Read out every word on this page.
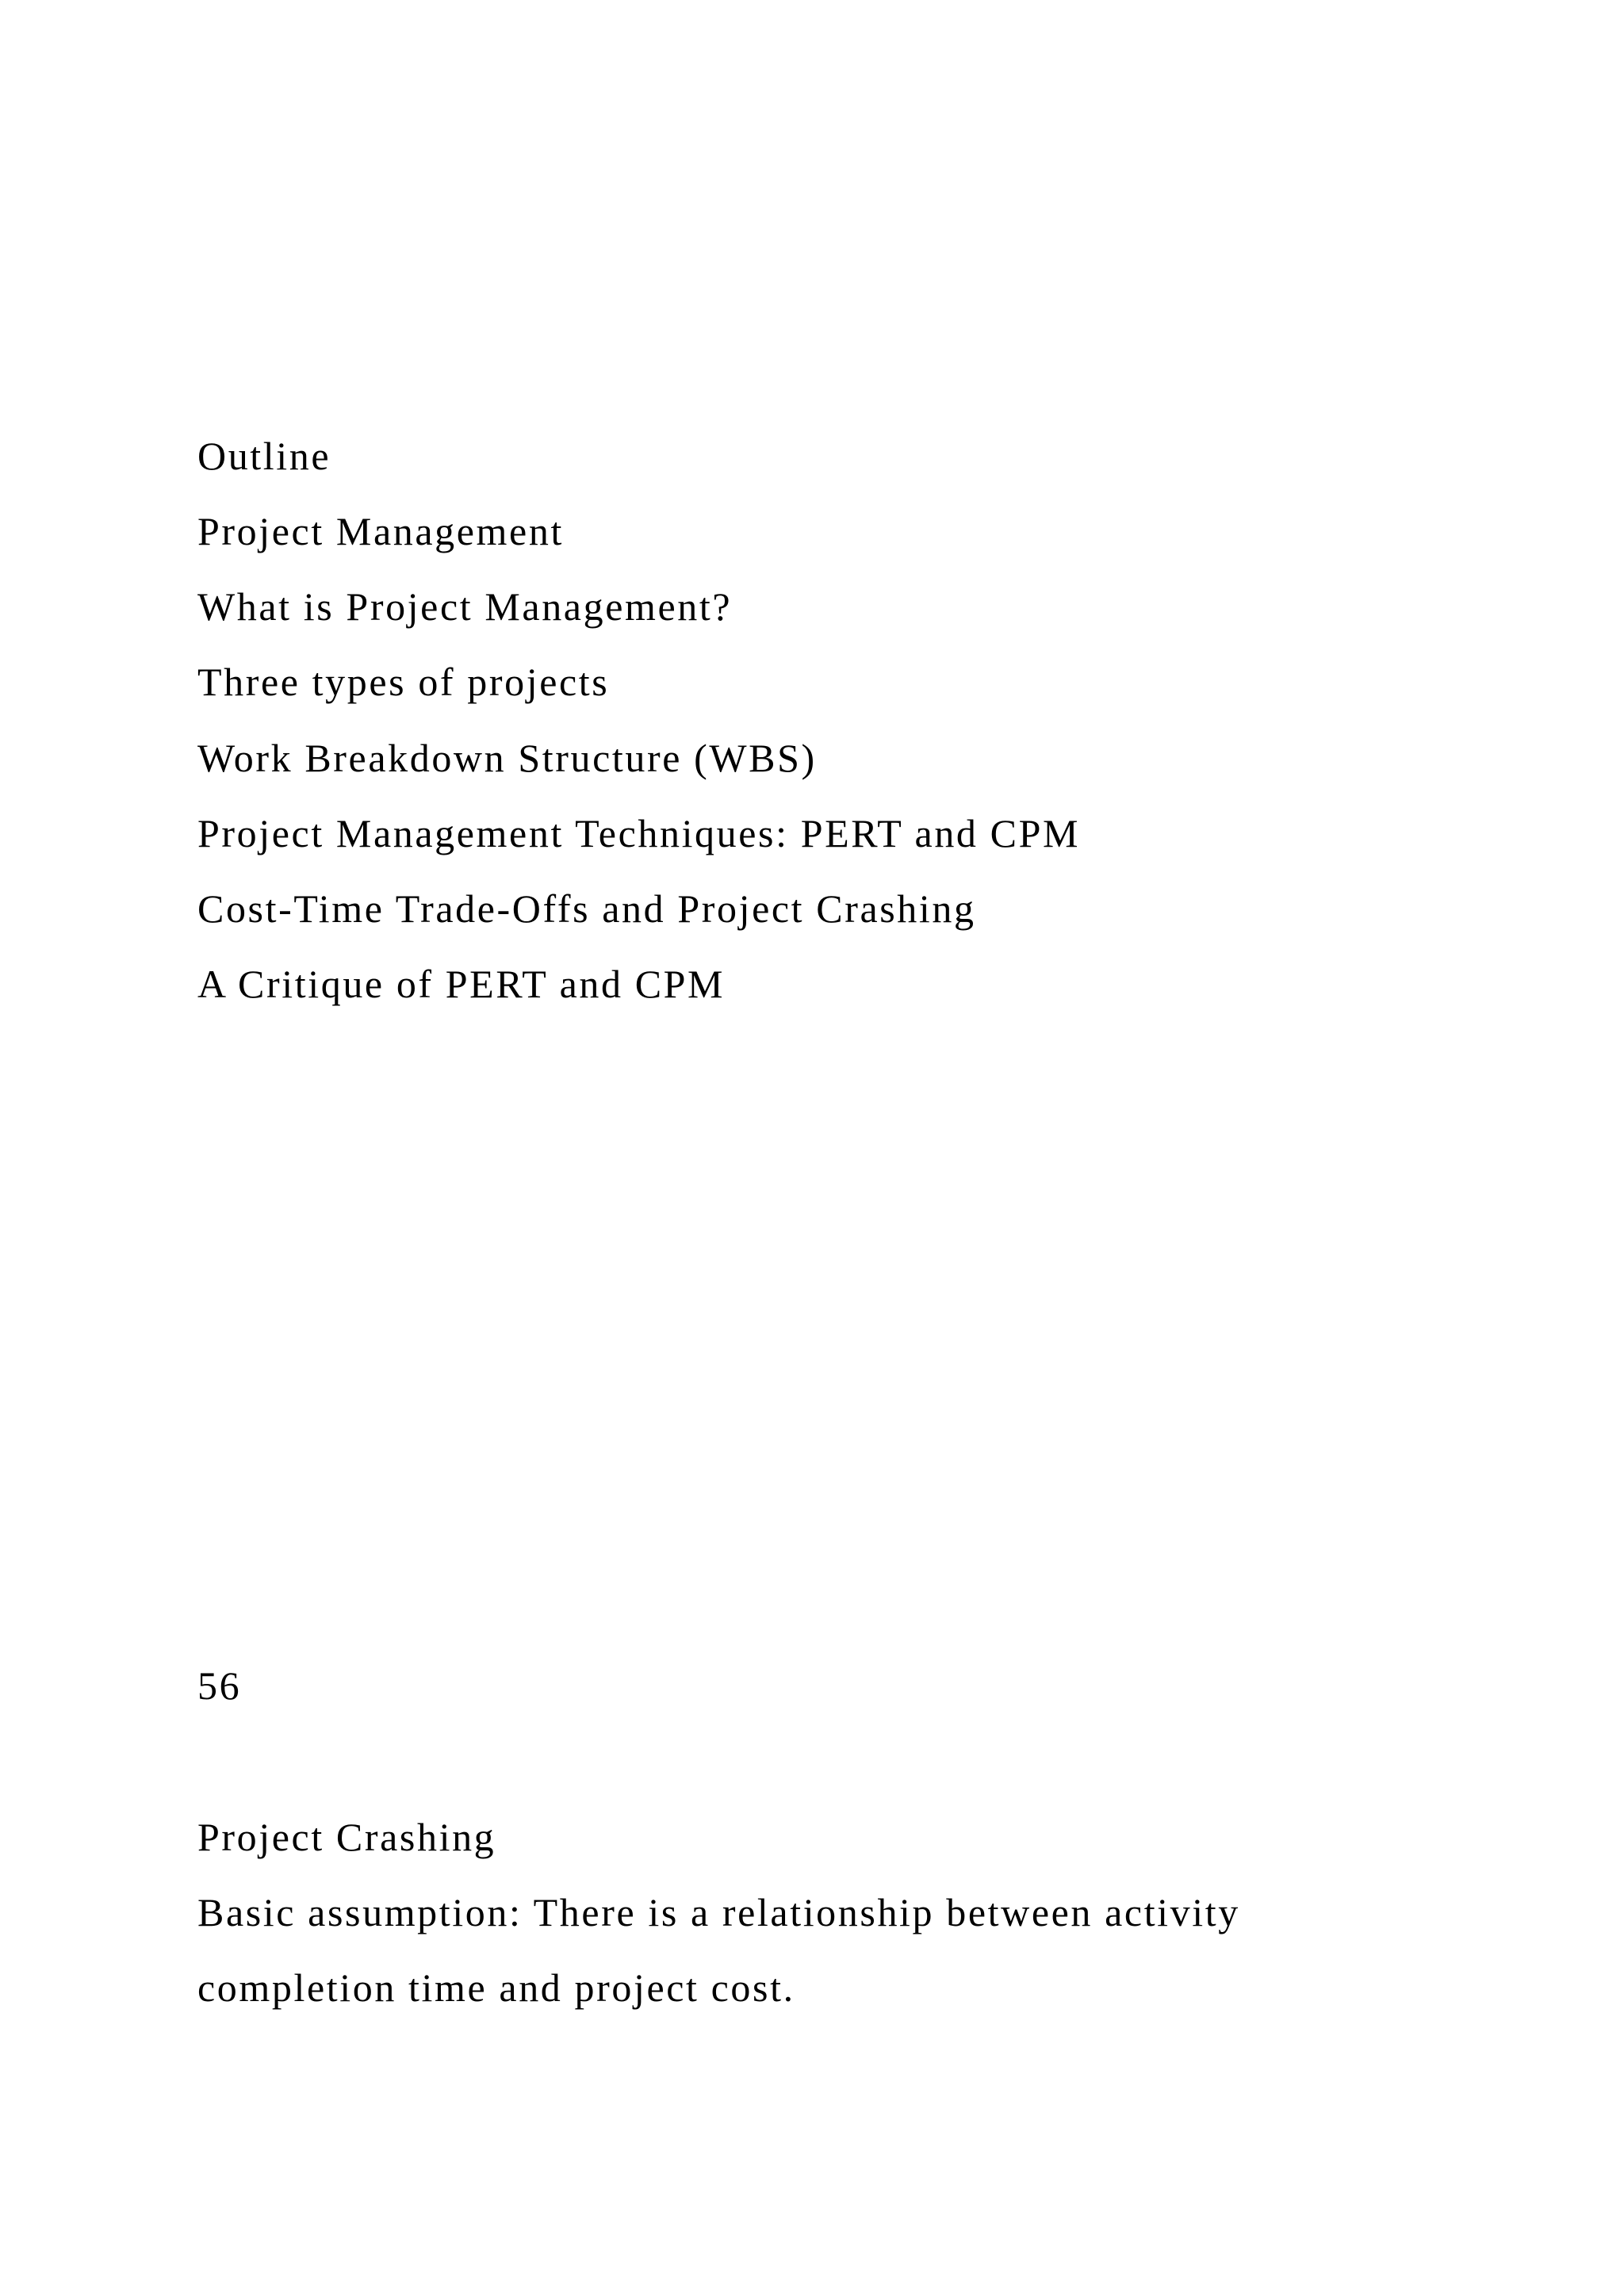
Outline

Project Management

What is Project Management?

Three types of projects

Work Breakdown Structure (WBS)

Project Management Techniques: PERT and CPM

Cost-Time Trade-Offs and Project Crashing

A Critique of PERT and CPM

56

Project Crashing

Basic assumption: There is a relationship between activity

completion time and project cost.
